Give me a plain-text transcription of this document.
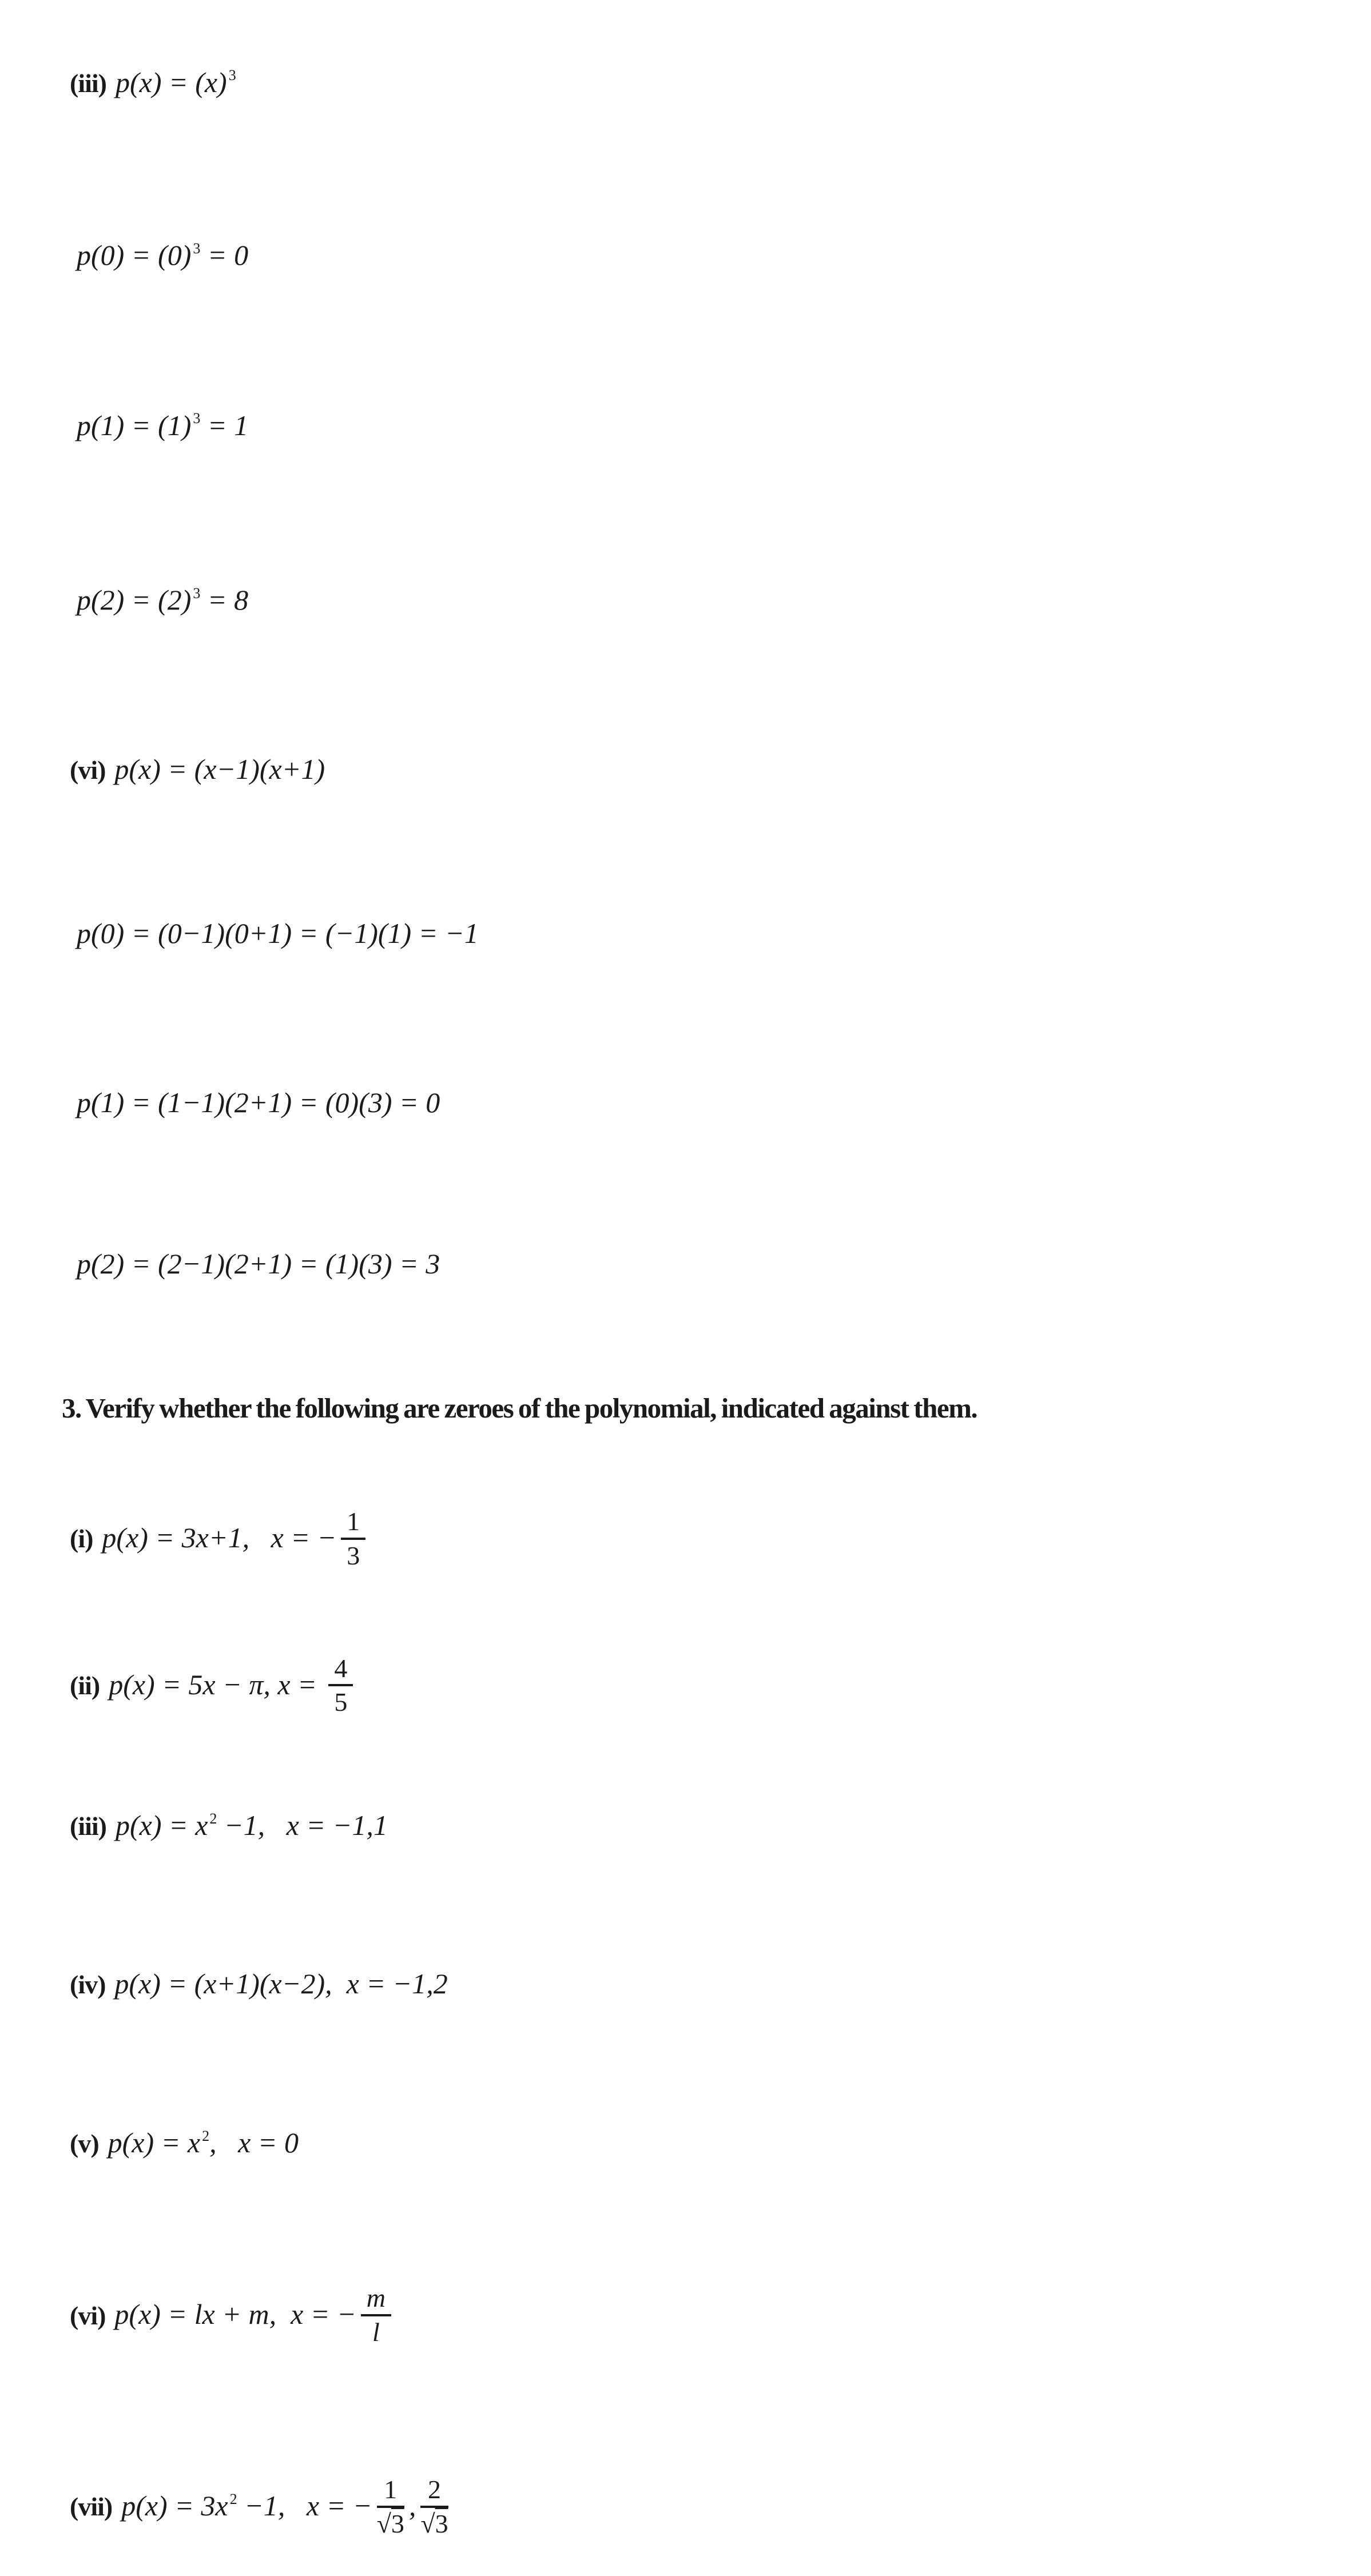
(iii) p(x) = (x) $^3$

p(0) = (0) $^3$ = 0

p(1) = (1) $^3$ = 1

p(2) = (2) $^3$ = 8

(vi) p(x) = (x−1)(x+1)

p(0) = (0−1)(0+1) = (−1)(1) = −1

p(1) = (1−1)(2+1) = (0)(3) = 0

p(2) = (2−1)(2+1) = (1)(3) = 3

3. Verify whether the following are zeroes of the polynomial, indicated against them.

(i) p(x) = 3x+1,   x = − $\frac{1}{3}$

(ii) p(x) = 5x − π, $x = \frac{4}{5}$

(iii) p(x) = x $^2$ −1,   x = −1,1

(iv) p(x) = (x+1)(x−2),  x = −1,2

(v) p(x) = x $^2$,   x = 0

(vi) p(x) = lx + m,  x = − $\frac{m}{l}$

(vii) p(x) = 3x $^2$ −1,   x = − $\frac{1}{√3}$ , $\frac{2}{√3}$
